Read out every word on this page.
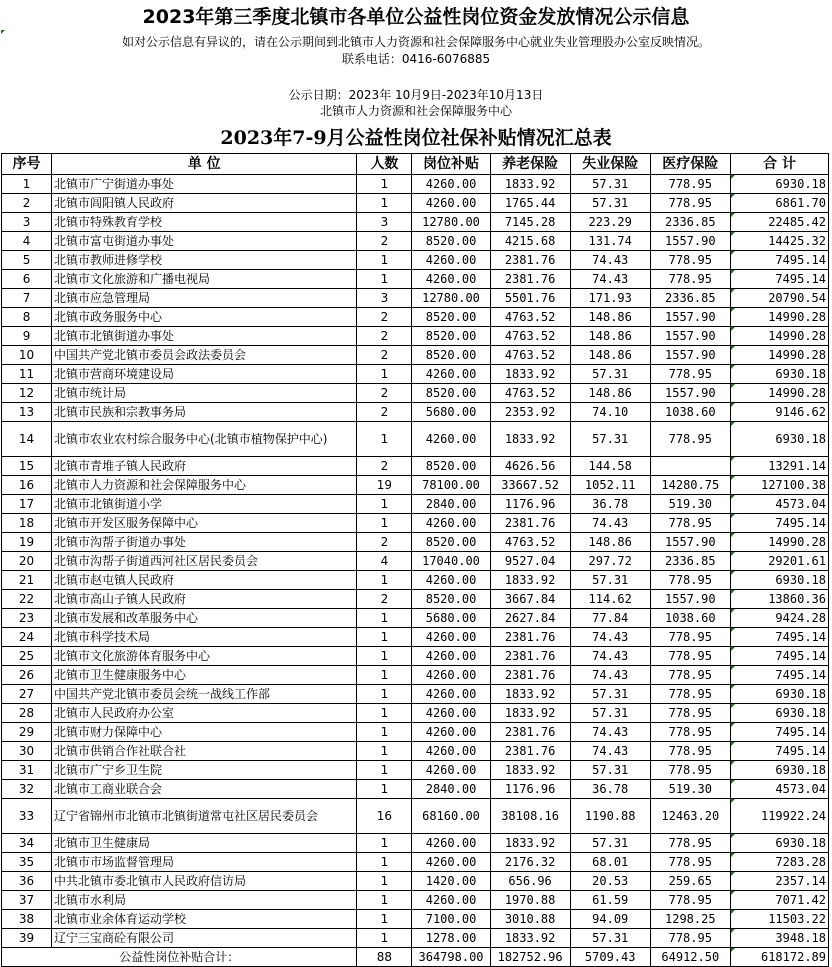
2023年第三季度北镇市各单位公益性岗位资金发放情况公示信息
如对公示信息有异议的，请在公示期间到北镇市人力资源和社会保障服务中心就业失业管理股办公室反映情况。
联系电话：0416-6076885
公示日期：2023年 10月9日-2023年10月13日
北镇市人力资源和社会保障服务中心
2023年7-9月公益性岗位社保补贴情况汇总表
序号	单 位	人数	岗位补贴	养老保险	失业保险	医疗保险	合 计
1	北镇市广宁街道办事处	1	4260.00	1833.92	57.31	778.95	6930.18
2	北镇市闾阳镇人民政府	1	4260.00	1765.44	57.31	778.95	6861.70
3	北镇市特殊教育学校	3	12780.00	7145.28	223.29	2336.85	22485.42
4	北镇市富屯街道办事处	2	8520.00	4215.68	131.74	1557.90	14425.32
5	北镇市教师进修学校	1	4260.00	2381.76	74.43	778.95	7495.14
6	北镇市文化旅游和广播电视局	1	4260.00	2381.76	74.43	778.95	7495.14
7	北镇市应急管理局	3	12780.00	5501.76	171.93	2336.85	20790.54
8	北镇市政务服务中心	2	8520.00	4763.52	148.86	1557.90	14990.28
9	北镇市北镇街道办事处	2	8520.00	4763.52	148.86	1557.90	14990.28
10	中国共产党北镇市委员会政法委员会	2	8520.00	4763.52	148.86	1557.90	14990.28
11	北镇市营商环境建设局	1	4260.00	1833.92	57.31	778.95	6930.18
12	北镇市统计局	2	8520.00	4763.52	148.86	1557.90	14990.28
13	北镇市民族和宗教事务局	2	5680.00	2353.92	74.10	1038.60	9146.62
14	北镇市农业农村综合服务中心(北镇市植物保护中心)	1	4260.00	1833.92	57.31	778.95	6930.18
15	北镇市青堆子镇人民政府	2	8520.00	4626.56	144.58		13291.14
16	北镇市人力资源和社会保障服务中心	19	78100.00	33667.52	1052.11	14280.75	127100.38
17	北镇市北镇街道小学	1	2840.00	1176.96	36.78	519.30	4573.04
18	北镇市开发区服务保障中心	1	4260.00	2381.76	74.43	778.95	7495.14
19	北镇市沟帮子街道办事处	2	8520.00	4763.52	148.86	1557.90	14990.28
20	北镇市沟帮子街道西河社区居民委员会	4	17040.00	9527.04	297.72	2336.85	29201.61
21	北镇市赵屯镇人民政府	1	4260.00	1833.92	57.31	778.95	6930.18
22	北镇市高山子镇人民政府	2	8520.00	3667.84	114.62	1557.90	13860.36
23	北镇市发展和改革服务中心	1	5680.00	2627.84	77.84	1038.60	9424.28
24	北镇市科学技术局	1	4260.00	2381.76	74.43	778.95	7495.14
25	北镇市文化旅游体育服务中心	1	4260.00	2381.76	74.43	778.95	7495.14
26	北镇市卫生健康服务中心	1	4260.00	2381.76	74.43	778.95	7495.14
27	中国共产党北镇市委员会统一战线工作部	1	4260.00	1833.92	57.31	778.95	6930.18
28	北镇市人民政府办公室	1	4260.00	1833.92	57.31	778.95	6930.18
29	北镇市财力保障中心	1	4260.00	2381.76	74.43	778.95	7495.14
30	北镇市供销合作社联合社	1	4260.00	2381.76	74.43	778.95	7495.14
31	北镇市广宁乡卫生院	1	4260.00	1833.92	57.31	778.95	6930.18
32	北镇市工商业联合会	1	2840.00	1176.96	36.78	519.30	4573.04
33	辽宁省锦州市北镇市北镇街道常屯社区居民委员会	16	68160.00	38108.16	1190.88	12463.20	119922.24
34	北镇市卫生健康局	1	4260.00	1833.92	57.31	778.95	6930.18
35	北镇市市场监督管理局	1	4260.00	2176.32	68.01	778.95	7283.28
36	中共北镇市委北镇市人民政府信访局	1	1420.00	656.96	20.53	259.65	2357.14
37	北镇市水利局	1	4260.00	1970.88	61.59	778.95	7071.42
38	北镇市业余体育运动学校	1	7100.00	3010.88	94.09	1298.25	11503.22
39	辽宁三宝商砼有限公司	1	1278.00	1833.92	57.31	778.95	3948.18
公益性岗位补贴合计：		88	364798.00	182752.96	5709.43	64912.50	618172.89
